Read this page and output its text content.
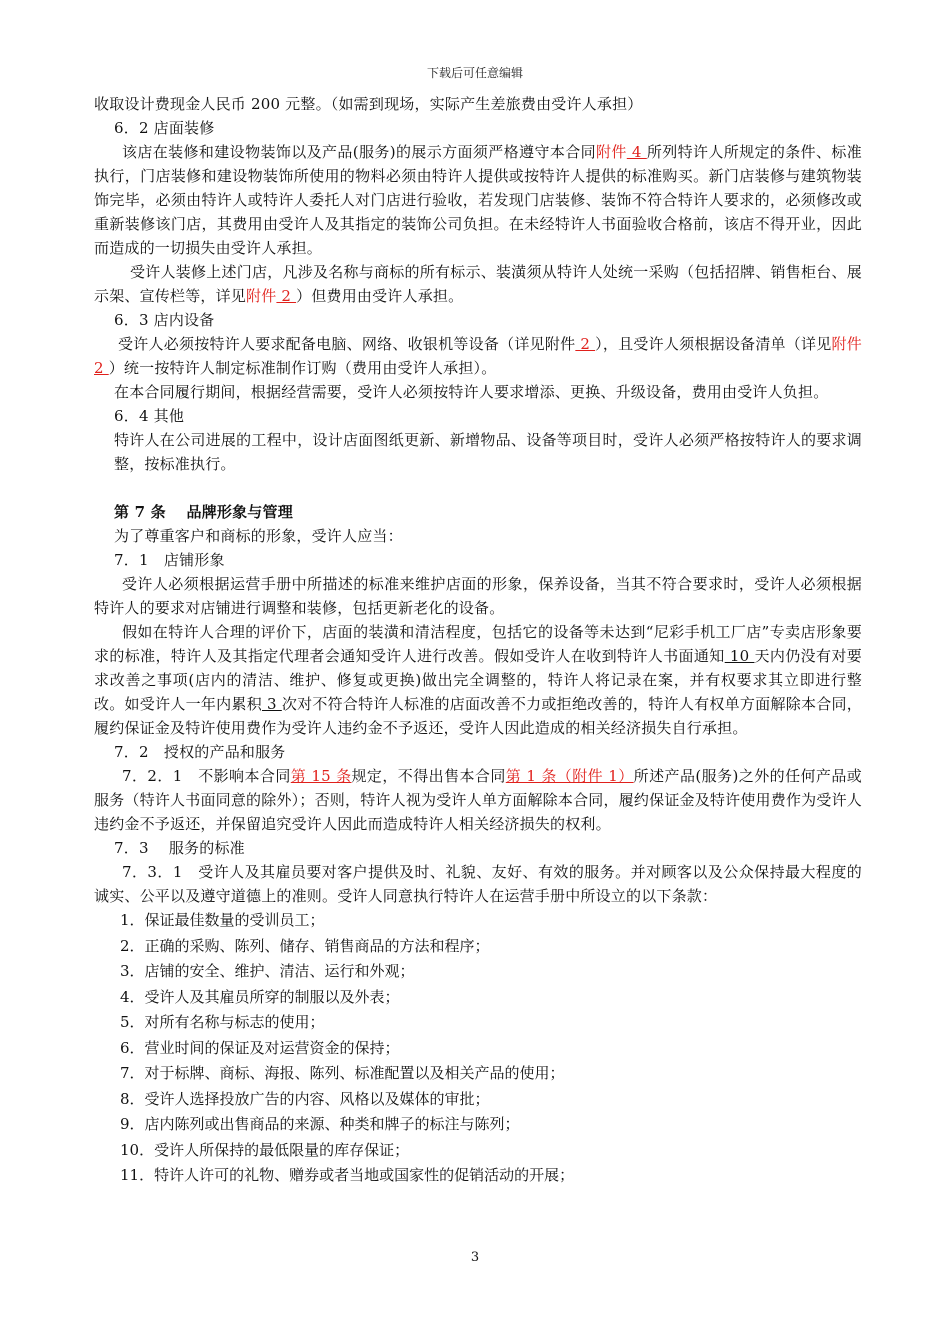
下载后可任意编辑

收取设计费现金人民币 200 元整。（如需到现场，实际产生差旅费由受许人承担）

6．2 店面装修

该店在装修和建设物装饰以及产品(服务)的展示方面须严格遵守本合同附件 4 所列特许人所规定的条件、标准执行，门店装修和建设物装饰所使用的物料必须由特许人提供或按特许人提供的标准购买。新门店装修与建筑物装饰完毕，必须由特许人或特许人委托人对门店进行验收，若发现门店装修、装饰不符合特许人要求的，必须修改或重新装修该门店，其费用由受许人及其指定的装饰公司负担。在未经特许人书面验收合格前，该店不得开业，因此而造成的一切损失由受许人承担。

受许人装修上述门店，凡涉及名称与商标的所有标示、装潢须从特许人处统一采购（包括招牌、销售柜台、展示架、宣传栏等，详见附件 2 ）但费用由受许人承担。

6．3 店内设备

受许人必须按特许人要求配备电脑、网络、收银机等设备（详见附件 2 ），且受许人须根据设备清单（详见附件 2 ）统一按特许人制定标准制作订购（费用由受许人承担）。

在本合同履行期间，根据经营需要，受许人必须按特许人要求增添、更换、升级设备，费用由受许人负担。

6．4 其他

特许人在公司进展的工程中，设计店面图纸更新、新增物品、设备等项目时，受许人必须严格按特许人的要求调整，按标准执行。

第 7 条　 品牌形象与管理

为了尊重客户和商标的形象，受许人应当：

7．1　店铺形象

受许人必须根据运营手册中所描述的标准来维护店面的形象，保养设备，当其不符合要求时，受许人必须根据特许人的要求对店铺进行调整和装修，包括更新老化的设备。

假如在特许人合理的评价下，店面的装潢和清洁程度，包括它的设备等未达到“尼彩手机工厂店”专卖店形象要求的标准，特许人及其指定代理者会通知受许人进行改善。假如受许人在收到特许人书面通知 10 天内仍没有对要求改善之事项(店内的清洁、维护、修复或更换)做出完全调整的，特许人将记录在案，并有权要求其立即进行整改。如受许人一年内累积 3 次对不符合特许人标准的店面改善不力或拒绝改善的，特许人有权单方面解除本合同，履约保证金及特许使用费作为受许人违约金不予返还，受许人因此造成的相关经济损失自行承担。

7．2　授权的产品和服务

7．2．1　不影响本合同第 15 条规定，不得出售本合同第 1 条（附件 1）所述产品(服务)之外的任何产品或服务（特许人书面同意的除外）；否则，特许人视为受许人单方面解除本合同，履约保证金及特许使用费作为受许人违约金不予返还，并保留追究受许人因此而造成特许人相关经济损失的权利。

7．3　 服务的标准

7．3．1　受许人及其雇员要对客户提供及时、礼貌、友好、有效的服务。并对顾客以及公众保持最大程度的诚实、公平以及遵守道德上的准则。受许人同意执行特许人在运营手册中所设立的以下条款：

1．保证最佳数量的受训员工；

2．正确的采购、陈列、储存、销售商品的方法和程序；

3．店铺的安全、维护、清洁、运行和外观；

4．受许人及其雇员所穿的制服以及外表；

5．对所有名称与标志的使用；

6．营业时间的保证及对运营资金的保持；

7．对于标牌、商标、海报、陈列、标准配置以及相关产品的使用；

8．受许人选择投放广告的内容、风格以及媒体的审批；

9．店内陈列或出售商品的来源、种类和牌子的标注与陈列；

10．受许人所保持的最低限量的库存保证；

11．特许人许可的礼物、赠券或者当地或国家性的促销活动的开展；

3
